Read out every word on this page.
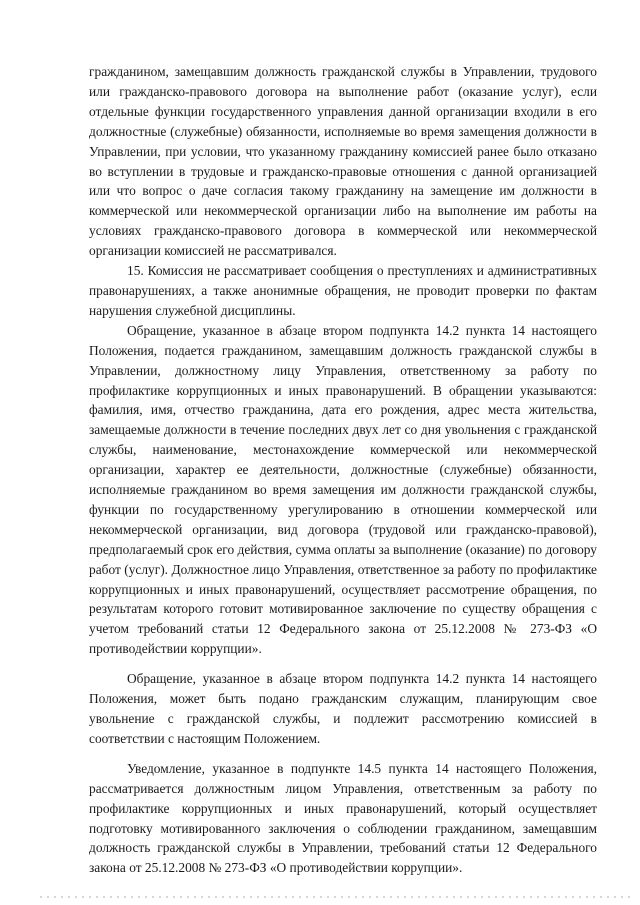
гражданином, замещавшим должность гражданской службы в Управлении, трудового или гражданско-правового договора на выполнение работ (оказание услуг), если отдельные функции государственного управления данной организации входили в его должностные (служебные) обязанности, исполняемые во время замещения должности в Управлении, при условии, что указанному гражданину комиссией ранее было отказано во вступлении в трудовые и гражданско-правовые отношения с данной организацией или что вопрос о даче согласия такому гражданину на замещение им должности в коммерческой или некоммерческой организации либо на выполнение им работы на условиях гражданско-правового договора в коммерческой или некоммерческой организации комиссией не рассматривался.

15. Комиссия не рассматривает сообщения о преступлениях и административных правонарушениях, а также анонимные обращения, не проводит проверки по фактам нарушения служебной дисциплины.

Обращение, указанное в абзаце втором подпункта 14.2 пункта 14 настоящего Положения, подается гражданином, замещавшим должность гражданской службы в Управлении, должностному лицу Управления, ответственному за работу по профилактике коррупционных и иных правонарушений. В обращении указываются: фамилия, имя, отчество гражданина, дата его рождения, адрес места жительства, замещаемые должности в течение последних двух лет со дня увольнения с гражданской службы, наименование, местонахождение коммерческой или некоммерческой организации, характер ее деятельности, должностные (служебные) обязанности, исполняемые гражданином во время замещения им должности гражданской службы, функции по государственному урегулированию в отношении коммерческой или некоммерческой организации, вид договора (трудовой или гражданско-правовой), предполагаемый срок его действия, сумма оплаты за выполнение (оказание) по договору работ (услуг). Должностное лицо Управления, ответственное за работу по профилактике коррупционных и иных правонарушений, осуществляет рассмотрение обращения, по результатам которого готовит мотивированное заключение по существу обращения с учетом требований статьи 12 Федерального закона от 25.12.2008 № 273-ФЗ «О противодействии коррупции».

Обращение, указанное в абзаце втором подпункта 14.2 пункта 14 настоящего Положения, может быть подано гражданским служащим, планирующим свое увольнение с гражданской службы, и подлежит рассмотрению комиссией в соответствии с настоящим Положением.

Уведомление, указанное в подпункте 14.5 пункта 14 настоящего Положения, рассматривается должностным лицом Управления, ответственным за работу по профилактике коррупционных и иных правонарушений, который осуществляет подготовку мотивированного заключения о соблюдении гражданином, замещавшим должность гражданской службы в Управлении, требований статьи 12 Федерального закона от 25.12.2008 № 273-ФЗ «О противодействии коррупции».
